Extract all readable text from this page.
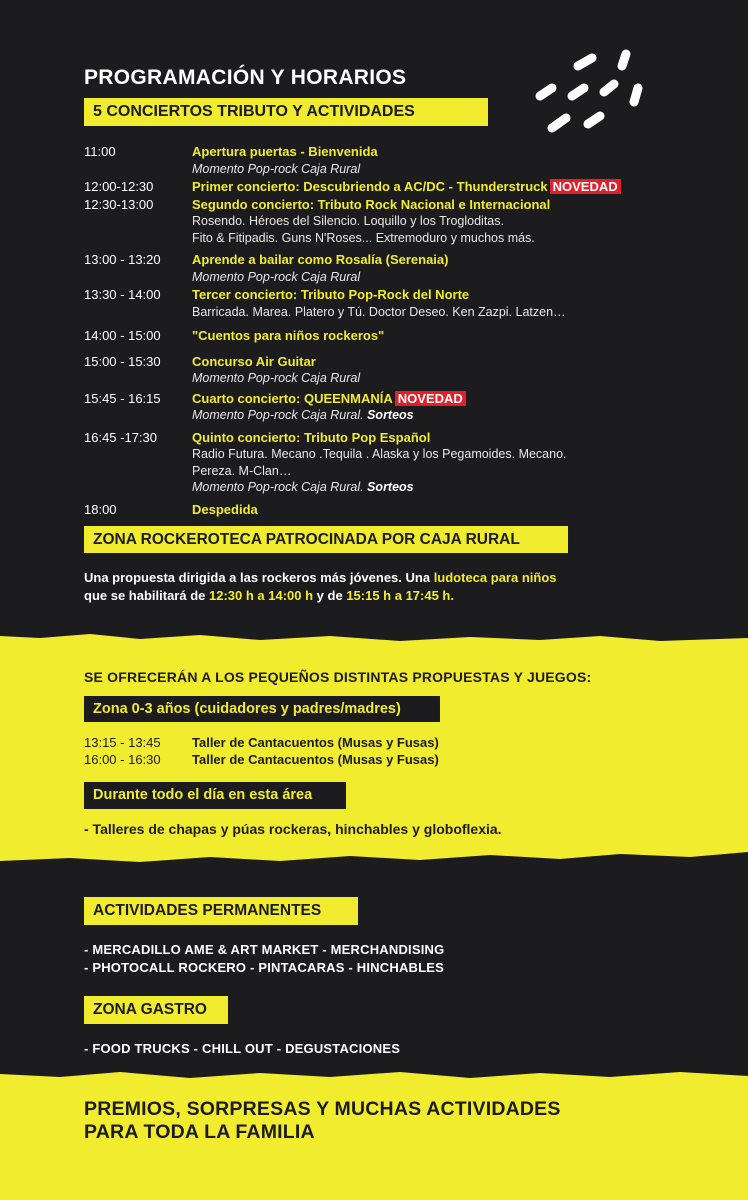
PROGRAMACIÓN Y HORARIOS
5 CONCIERTOS TRIBUTO Y ACTIVIDADES
11:00	Apertura puertas - Bienvenida
Momento Pop-rock Caja Rural
12:00-12:30	Primer concierto: Descubriendo a AC/DC - Thunderstruck NOVEDAD
12:30-13:00	Segundo concierto: Tributo Rock Nacional e Internacional
Rosendo. Héroes del Silencio. Loquillo y los Trogloditas.
Fito & Fitipadis. Guns N'Roses... Extremoduro y muchos más.
13:00 - 13:20	Aprende a bailar como Rosalía (Serenaia)
Momento Pop-rock Caja Rural
13:30 - 14:00	Tercer concierto: Tributo Pop-Rock del Norte
Barricada. Marea. Platero y Tú. Doctor Deseo. Ken Zazpi. Latzen…
14:00 - 15:00	"Cuentos para niños rockeros"
15:00 - 15:30	Concurso Air Guitar
Momento Pop-rock Caja Rural
15:45 - 16:15	Cuarto concierto: QUEENMANÍA NOVEDAD
Momento Pop-rock Caja Rural. Sorteos
16:45 -17:30	Quinto concierto: Tributo Pop Español
Radio Futura. Mecano .Tequila . Alaska y los Pegamoides. Mecano.
Pereza. M-Clan…
Momento Pop-rock Caja Rural. Sorteos
18:00	Despedida
ZONA ROCKEROTECA PATROCINADA POR CAJA RURAL
Una propuesta dirigida a las rockeros más jóvenes. Una ludoteca para niños
que se habilitará de 12:30 h a 14:00 h y de 15:15 h a 17:45 h.
SE OFRECERÁN A LOS PEQUEÑOS DISTINTAS PROPUESTAS Y JUEGOS:
Zona 0-3 años (cuidadores y padres/madres)
13:15 - 13:45	Taller de Cantacuentos (Musas y Fusas)
16:00 - 16:30	Taller de Cantacuentos (Musas y Fusas)
Durante todo el día en esta área
- Talleres de chapas y púas rockeras, hinchables y globoflexia.
ACTIVIDADES PERMANENTES
- MERCADILLO AME & ART MARKET - MERCHANDISING
- PHOTOCALL ROCKERO - PINTACARAS - HINCHABLES
ZONA GASTRO
- FOOD TRUCKS - CHILL OUT - DEGUSTACIONES
PREMIOS, SORPRESAS Y MUCHAS ACTIVIDADES
PARA TODA LA FAMILIA
